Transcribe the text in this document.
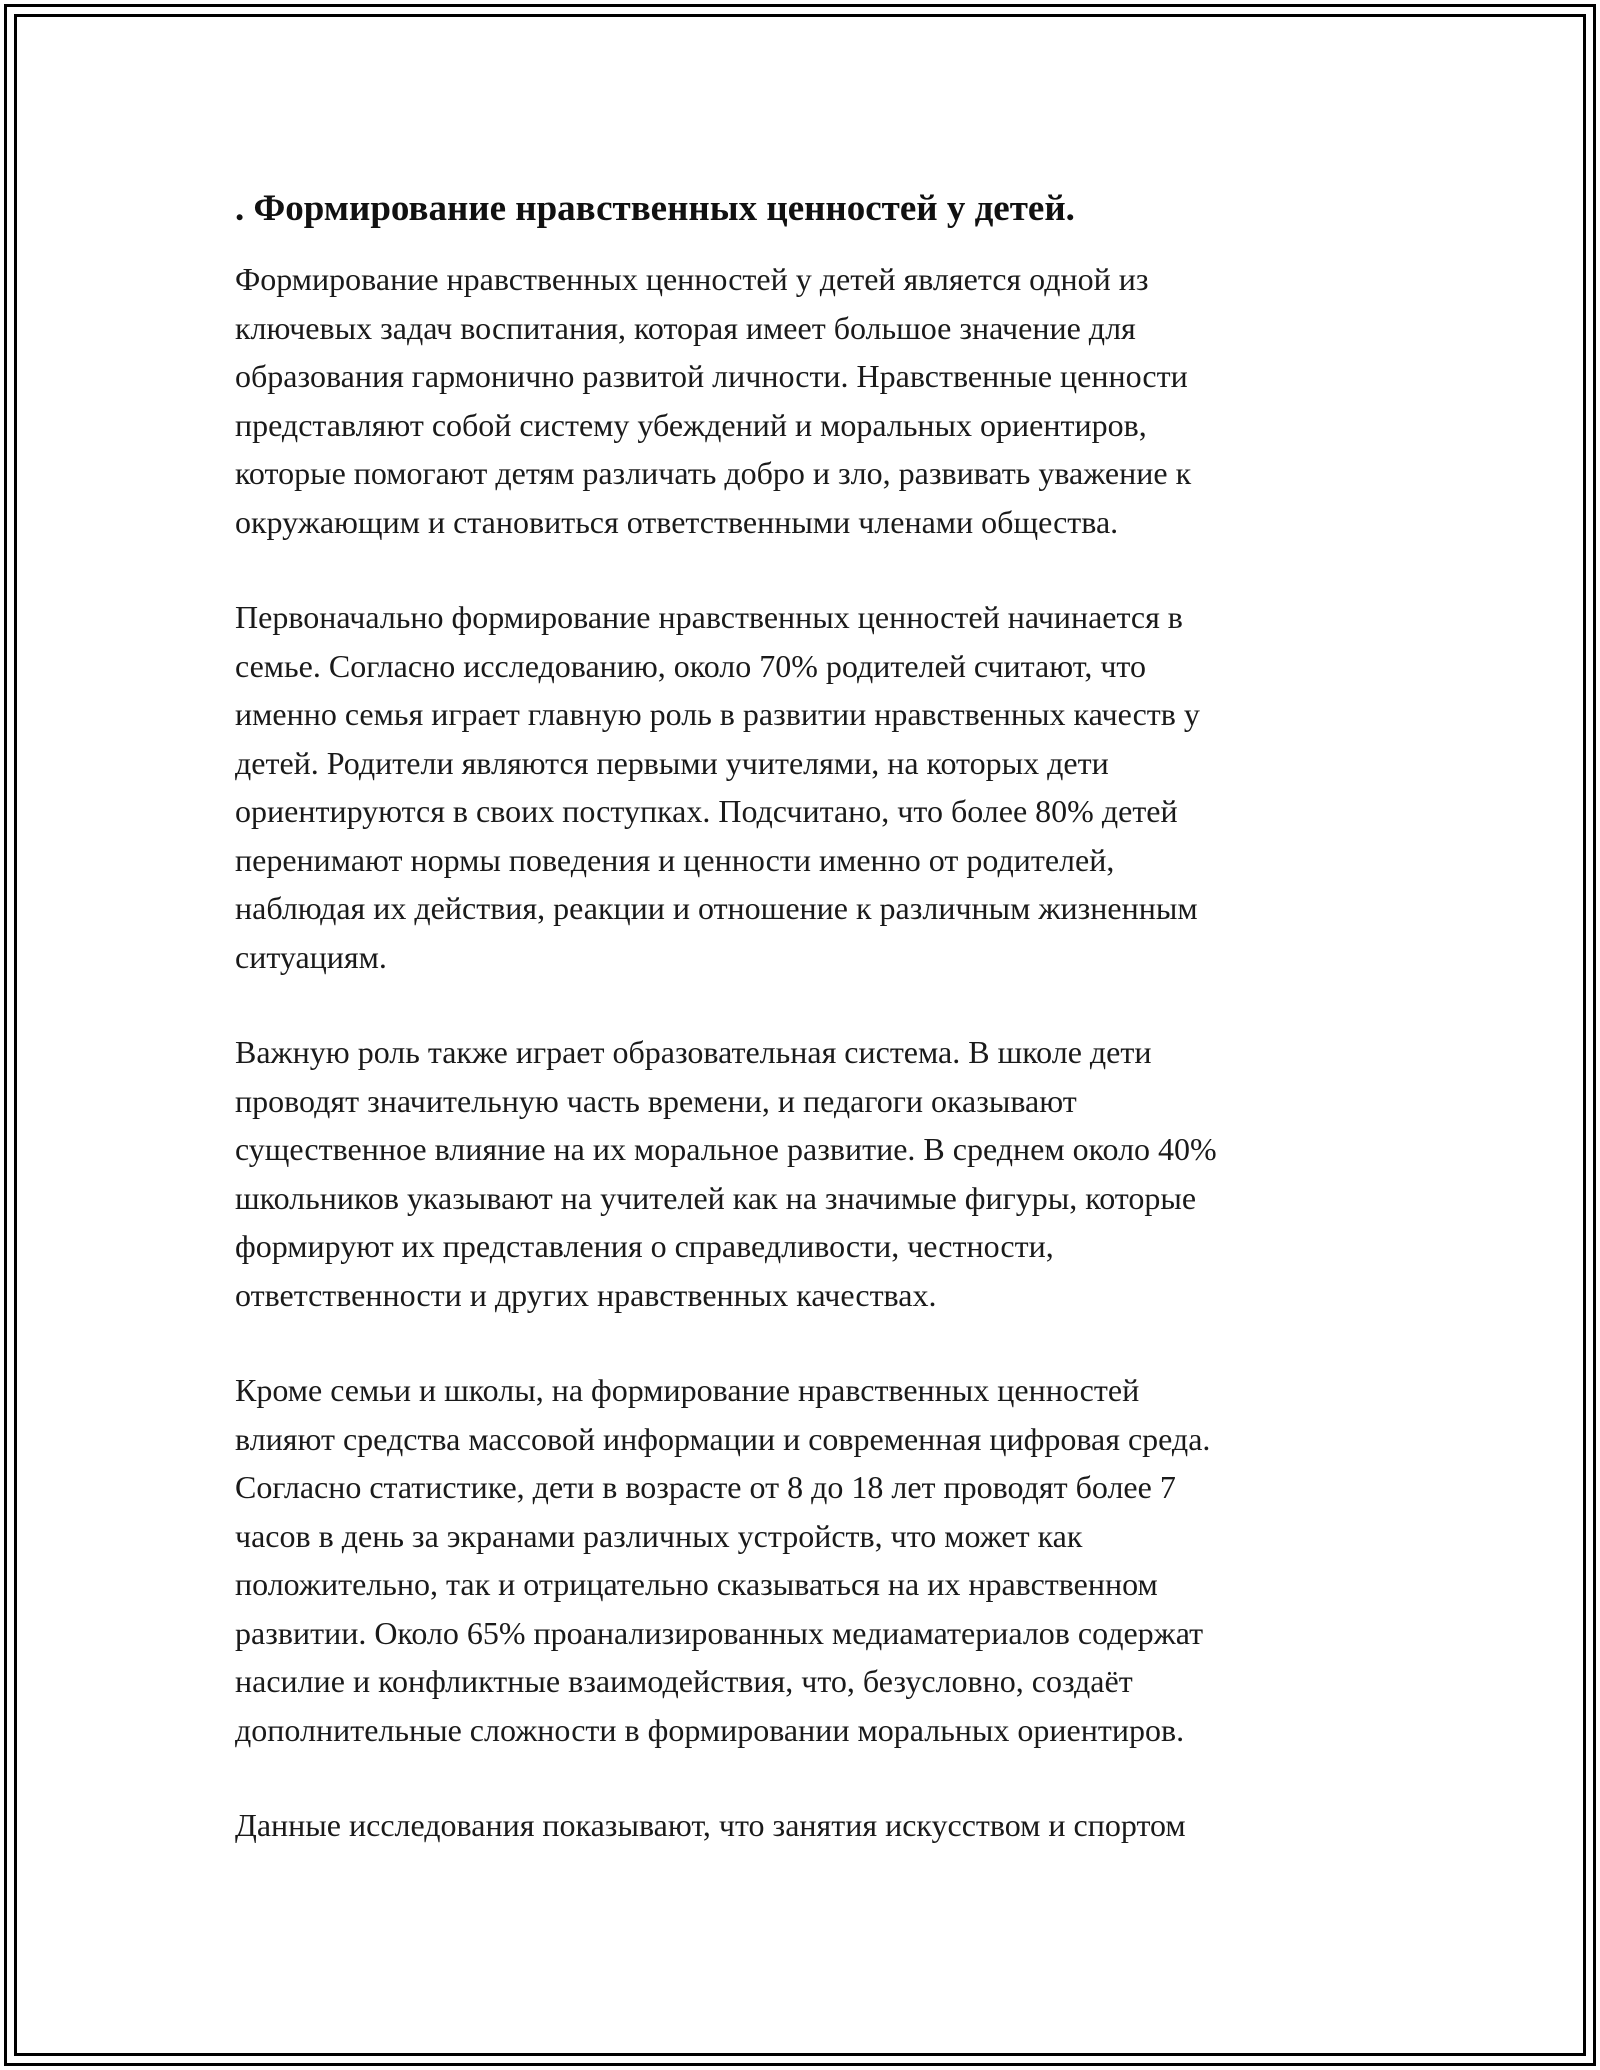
. Формирование нравственных ценностей у детей.

Формирование нравственных ценностей у детей является одной из
ключевых задач воспитания, которая имеет большое значение для
образования гармонично развитой личности. Нравственные ценности
представляют собой систему убеждений и моральных ориентиров,
которые помогают детям различать добро и зло, развивать уважение к
окружающим и становиться ответственными членами общества.

Первоначально формирование нравственных ценностей начинается в
семье. Согласно исследованию, около 70% родителей считают, что
именно семья играет главную роль в развитии нравственных качеств у
детей. Родители являются первыми учителями, на которых дети
ориентируются в своих поступках. Подсчитано, что более 80% детей
перенимают нормы поведения и ценности именно от родителей,
наблюдая их действия, реакции и отношение к различным жизненным
ситуациям.

Важную роль также играет образовательная система. В школе дети
проводят значительную часть времени, и педагоги оказывают
существенное влияние на их моральное развитие. В среднем около 40%
школьников указывают на учителей как на значимые фигуры, которые
формируют их представления о справедливости, честности,
ответственности и других нравственных качествах.

Кроме семьи и школы, на формирование нравственных ценностей
влияют средства массовой информации и современная цифровая среда.
Согласно статистике, дети в возрасте от 8 до 18 лет проводят более 7
часов в день за экранами различных устройств, что может как
положительно, так и отрицательно сказываться на их нравственном
развитии. Около 65% проанализированных медиаматериалов содержат
насилие и конфликтные взаимодействия, что, безусловно, создаёт
дополнительные сложности в формировании моральных ориентиров.

Данные исследования показывают, что занятия искусством и спортом
